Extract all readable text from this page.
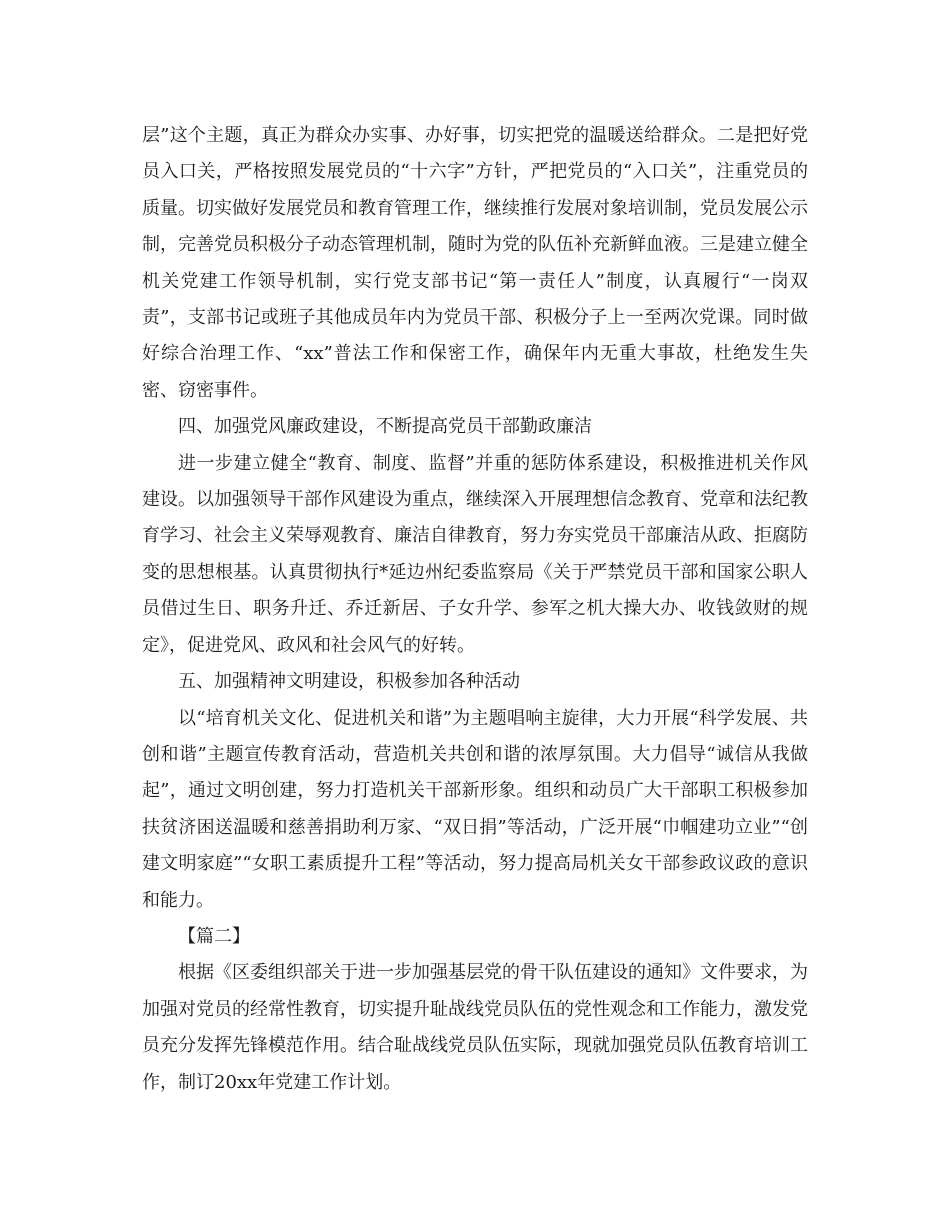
层”这个主题，真正为群众办实事、办好事，切实把党的温暖送给群众。二是把好党员入口关，严格按照发展党员的“十六字”方针，严把党员的“入口关”，注重党员的质量。切实做好发展党员和教育管理工作，继续推行发展对象培训制，党员发展公示制，完善党员积极分子动态管理机制，随时为党的队伍补充新鲜血液。三是建立健全机关党建工作领导机制，实行党支部书记“第一责任人”制度，认真履行“一岗双责”，支部书记或班子其他成员年内为党员干部、积极分子上一至两次党课。同时做好综合治理工作、“xx”普法工作和保密工作，确保年内无重大事故，杜绝发生失密、窃密事件。

四、加强党风廉政建设，不断提高党员干部勤政廉洁

进一步建立健全“教育、制度、监督”并重的惩防体系建设，积极推进机关作风建设。以加强领导干部作风建设为重点，继续深入开展理想信念教育、党章和法纪教育学习、社会主义荣辱观教育、廉洁自律教育，努力夯实党员干部廉洁从政、拒腐防变的思想根基。认真贯彻执行*延边州纪委监察局《关于严禁党员干部和国家公职人员借过生日、职务升迁、乔迁新居、子女升学、参军之机大操大办、收钱敛财的规定》，促进党风、政风和社会风气的好转。

五、加强精神文明建设，积极参加各种活动

以“培育机关文化、促进机关和谐”为主题唱响主旋律，大力开展“科学发展、共创和谐”主题宣传教育活动，营造机关共创和谐的浓厚氛围。大力倡导“诚信从我做起”，通过文明创建，努力打造机关干部新形象。组织和动员广大干部职工积极参加扶贫济困送温暖和慈善捐助利万家、“双日捐”等活动，广泛开展“巾帼建功立业”“创建文明家庭”“女职工素质提升工程”等活动，努力提高局机关女干部参政议政的意识和能力。

【篇二】

根据《区委组织部关于进一步加强基层党的骨干队伍建设的通知》文件要求，为加强对党员的经常性教育，切实提升耻战线党员队伍的党性观念和工作能力，激发党员充分发挥先锋模范作用。结合耻战线党员队伍实际，现就加强党员队伍教育培训工作，制订20xx年党建工作计划。
